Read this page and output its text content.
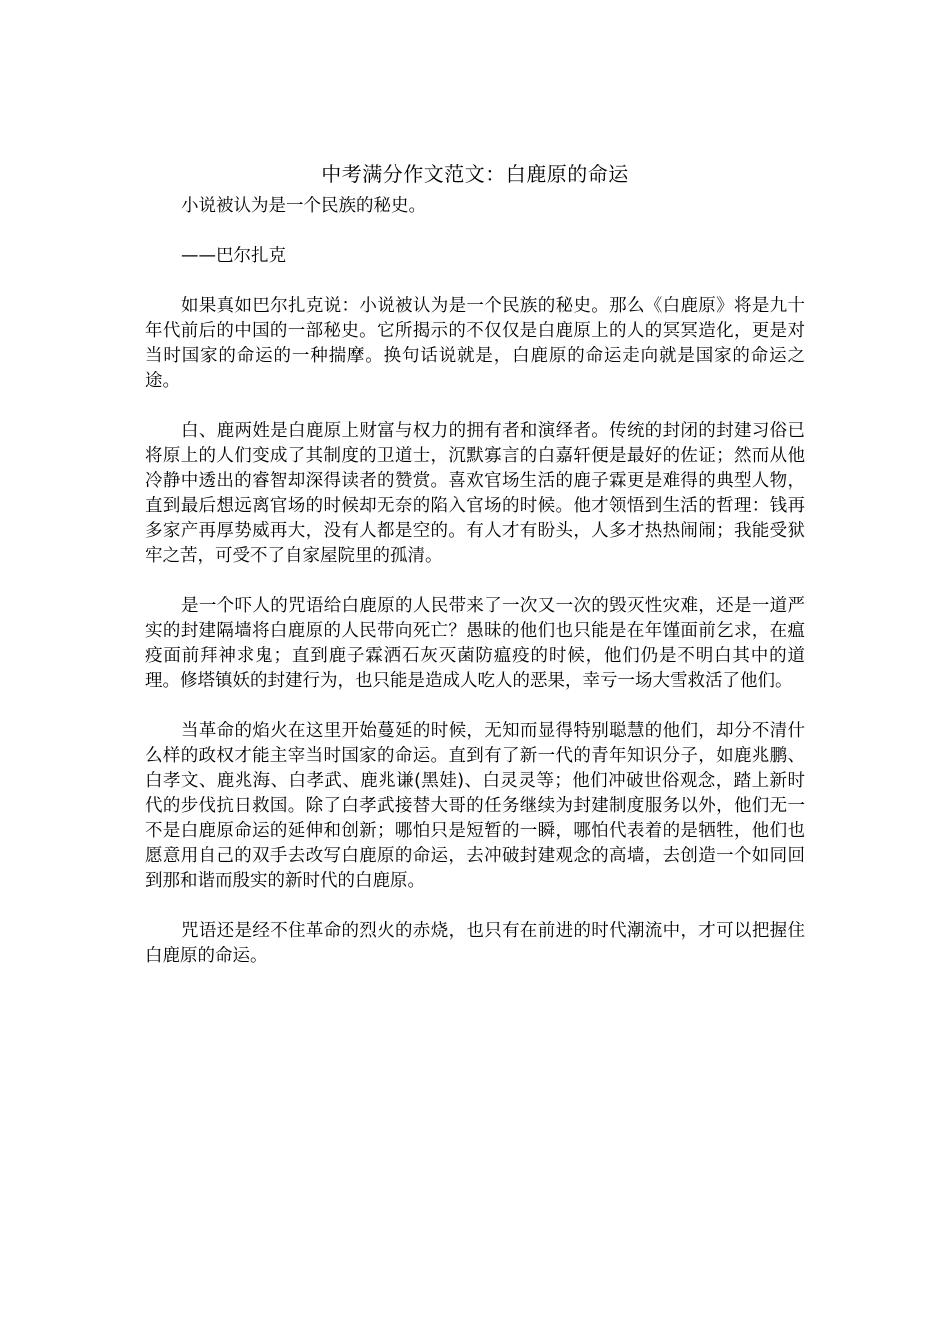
中考满分作文范文：白鹿原的命运

小说被认为是一个民族的秘史。

——巴尔扎克

如果真如巴尔扎克说：小说被认为是一个民族的秘史。那么《白鹿原》将是九十年代前后的中国的一部秘史。它所揭示的不仅仅是白鹿原上的人的冥冥造化，更是对当时国家的命运的一种揣摩。换句话说就是，白鹿原的命运走向就是国家的命运之途。

白、鹿两姓是白鹿原上财富与权力的拥有者和演绎者。传统的封闭的封建习俗已将原上的人们变成了其制度的卫道士，沉默寡言的白嘉轩便是最好的佐证；然而从他冷静中透出的睿智却深得读者的赞赏。喜欢官场生活的鹿子霖更是难得的典型人物，直到最后想远离官场的时候却无奈的陷入官场的时候。他才领悟到生活的哲理：钱再多家产再厚势威再大，没有人都是空的。有人才有盼头，人多才热热闹闹；我能受狱牢之苦，可受不了自家屋院里的孤清。

是一个吓人的咒语给白鹿原的人民带来了一次又一次的毁灭性灾难，还是一道严实的封建隔墙将白鹿原的人民带向死亡？愚昧的他们也只能是在年馑面前乞求，在瘟疫面前拜神求鬼；直到鹿子霖洒石灰灭菌防瘟疫的时候，他们仍是不明白其中的道理。修塔镇妖的封建行为，也只能是造成人吃人的恶果，幸亏一场大雪救活了他们。

当革命的焰火在这里开始蔓延的时候，无知而显得特别聪慧的他们，却分不清什么样的政权才能主宰当时国家的命运。直到有了新一代的青年知识分子，如鹿兆鹏、白孝文、鹿兆海、白孝武、鹿兆谦(黑娃)、白灵灵等；他们冲破世俗观念，踏上新时代的步伐抗日救国。除了白孝武接替大哥的任务继续为封建制度服务以外，他们无一不是白鹿原命运的延伸和创新；哪怕只是短暂的一瞬，哪怕代表着的是牺牲，他们也愿意用自己的双手去改写白鹿原的命运，去冲破封建观念的高墙，去创造一个如同回到那和谐而殷实的新时代的白鹿原。

咒语还是经不住革命的烈火的赤烧，也只有在前进的时代潮流中，才可以把握住白鹿原的命运。
